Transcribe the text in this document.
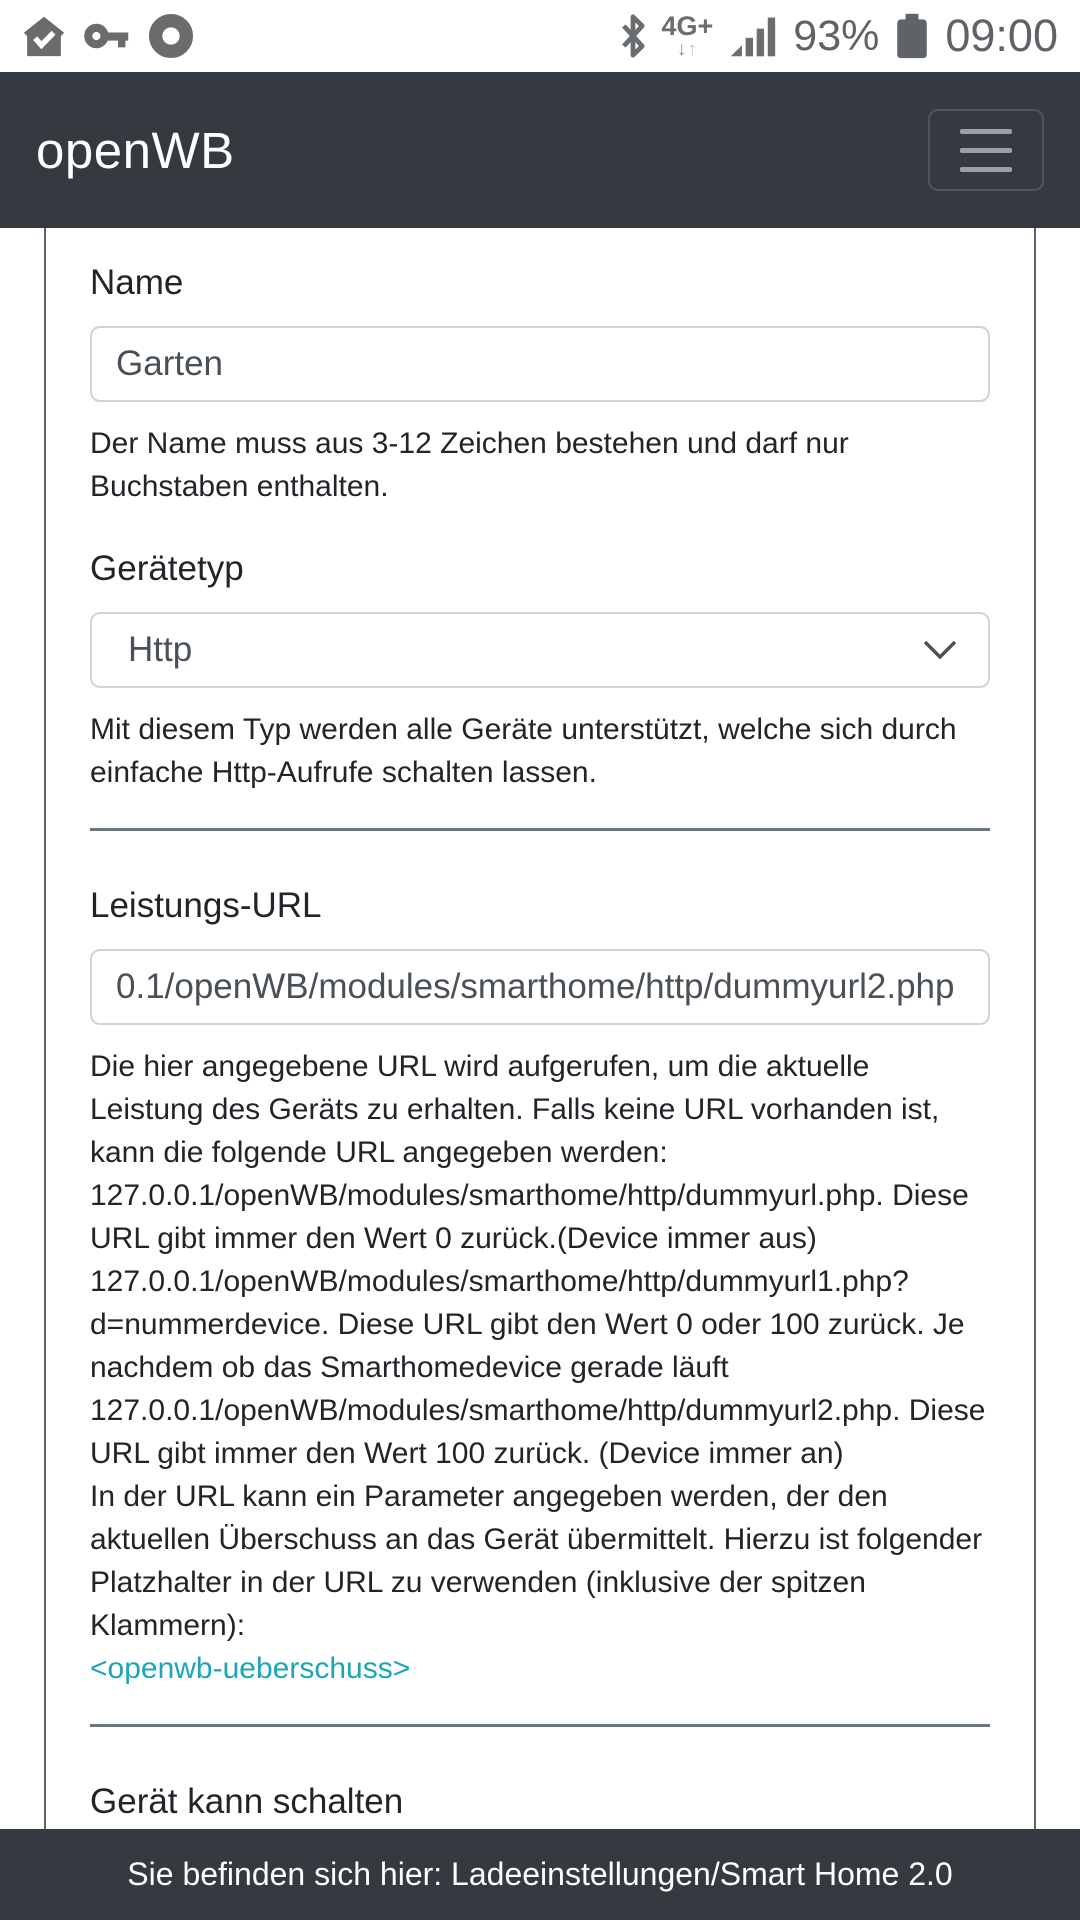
4G+
↓↑ 93% 09:00
openWB
Name
Garten
Der Name muss aus 3-12 Zeichen bestehen und darf nur Buchstaben enthalten.
Gerätetyp
Http
Mit diesem Typ werden alle Geräte unterstützt, welche sich durch einfache Http-Aufrufe schalten lassen.
Leistungs-URL
0.1/openWB/modules/smarthome/http/dummyurl2.php
Die hier angegebene URL wird aufgerufen, um die aktuelle Leistung des Geräts zu erhalten. Falls keine URL vorhanden ist, kann die folgende URL angegeben werden:
127.0.0.1/openWB/modules/smarthome/http/dummyurl.php. Diese URL gibt immer den Wert 0 zurück.(Device immer aus)
127.0.0.1/openWB/modules/smarthome/http/dummyurl1.php?d=nummerdevice. Diese URL gibt den Wert 0 oder 100 zurück. Je nachdem ob das Smarthomedevice gerade läuft
127.0.0.1/openWB/modules/smarthome/http/dummyurl2.php. Diese URL gibt immer den Wert 100 zurück. (Device immer an)
In der URL kann ein Parameter angegeben werden, der den aktuellen Überschuss an das Gerät übermittelt. Hierzu ist folgender Platzhalter in der URL zu verwenden (inklusive der spitzen Klammern):
<openwb-ueberschuss>
Gerät kann schalten
Sie befinden sich hier: Ladeeinstellungen/Smart Home 2.0
